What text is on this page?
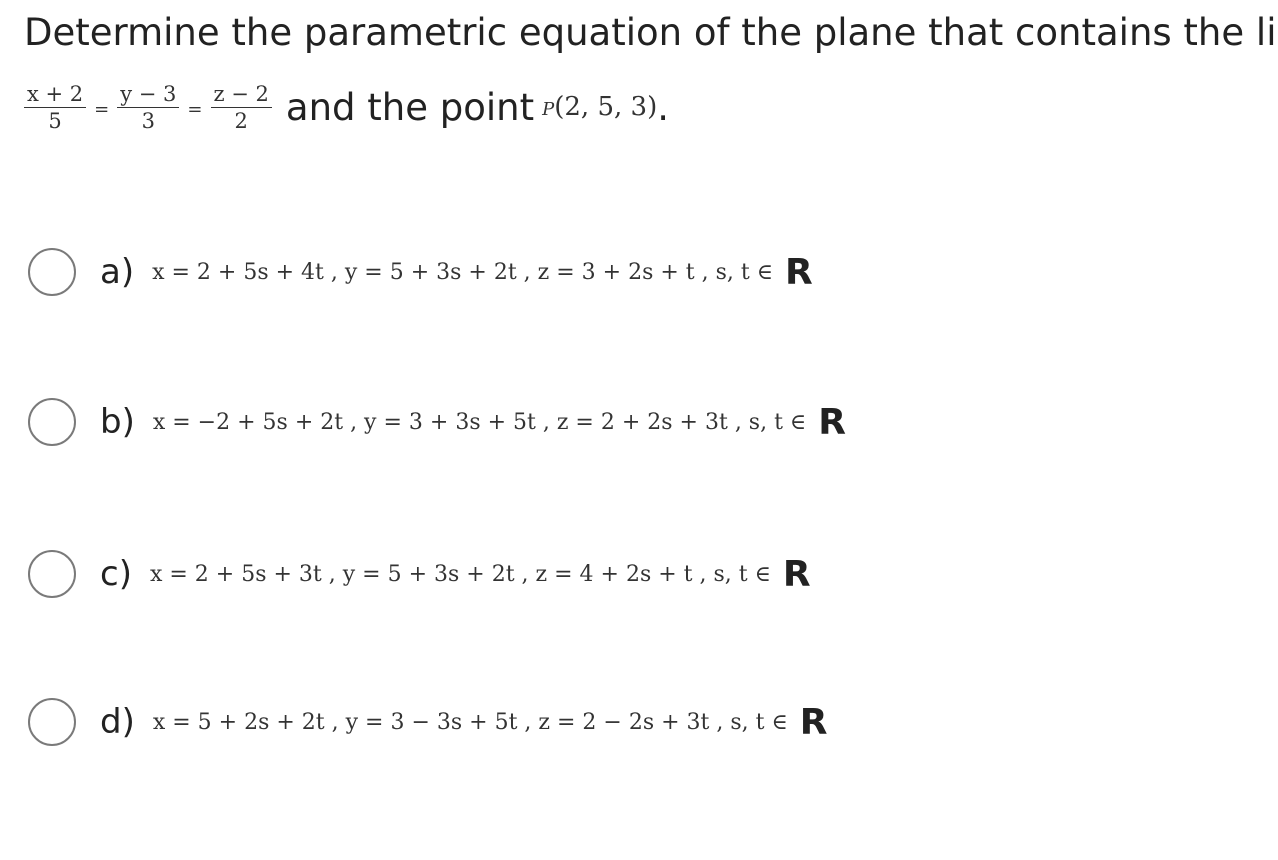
Determine the parametric equation of the plane that contains the li
$\frac{x + 2}{5} = \frac{y - 3}{3} = \frac{z - 2}{2}$ and the point P(2, 5, 3) .
a) x = 2 + 5s + 4t , y = 5 + 3s + 2t , z = 3 + 2s + t , s, t ∈ R
b) x = −2 + 5s + 2t , y = 3 + 3s + 5t , z = 2 + 2s + 3t , s, t ∈ R
c) x = 2 + 5s + 3t , y = 5 + 3s + 2t , z = 4 + 2s + t , s, t ∈ R
d) x = 5 + 2s + 2t , y = 3 − 3s + 5t , z = 2 − 2s + 3t , s, t ∈ R
